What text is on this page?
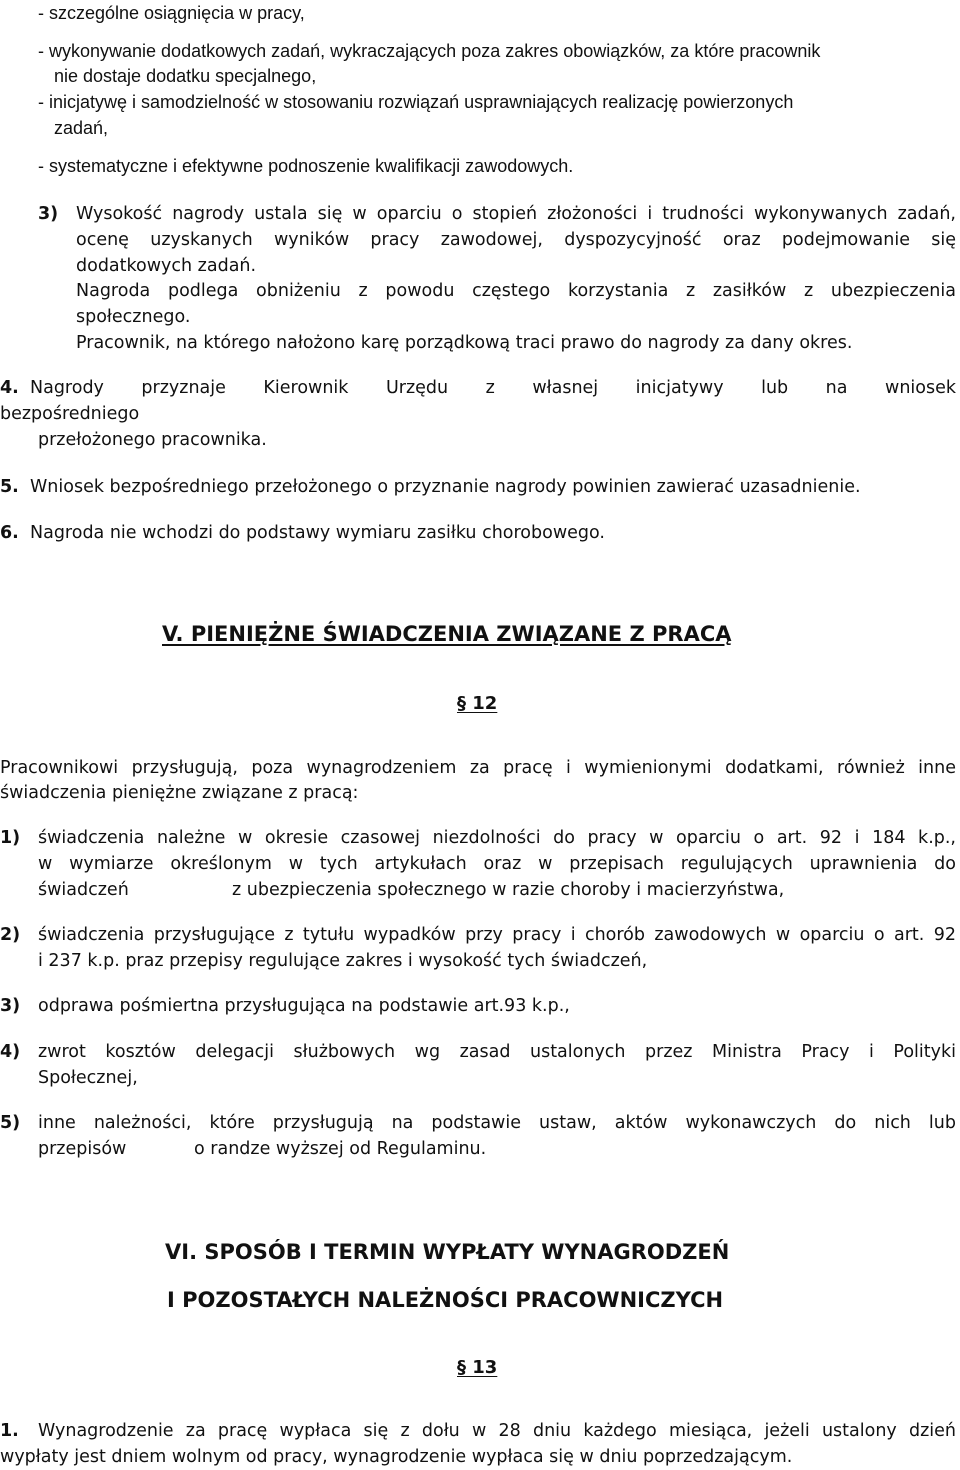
- szczególne osiągnięcia w pracy,
- wykonywanie dodatkowych zadań, wykraczających poza zakres obowiązków, za które pracownik
nie dostaje dodatku specjalnego,
- inicjatywę i samodzielność w stosowaniu rozwiązań usprawniających realizację powierzonych
zadań,
- systematyczne i efektywne podnoszenie kwalifikacji zawodowych.
3) Wysokość nagrody ustala się w oparciu o stopień złożoności i trudności wykonywanych zadań,
ocenę uzyskanych wyników pracy zawodowej, dyspozycyjność oraz podejmowanie się
dodatkowych zadań.
Nagroda podlega obniżeniu z powodu częstego korzystania z zasiłków z ubezpieczenia
społecznego.
Pracownik, na którego nałożono karę porządkową traci prawo do nagrody za dany okres.
4. Nagrody przyznaje Kierownik Urzędu z własnej inicjatywy lub na wniosek
bezpośredniego
przełożonego pracownika.
5. Wniosek bezpośredniego przełożonego o przyznanie nagrody powinien zawierać uzasadnienie.
6. Nagroda nie wchodzi do podstawy wymiaru zasiłku chorobowego.
V. PIENIĘŻNE ŚWIADCZENIA ZWIĄZANE Z PRACĄ
§ 12
Pracownikowi przysługują, poza wynagrodzeniem za pracę i wymienionymi dodatkami, również inne
świadczenia pieniężne związane z pracą:
1) świadczenia należne w okresie czasowej niezdolności do pracy w oparciu o art. 92 i 184 k.p.,
w wymiarze określonym w tych artykułach oraz w przepisach regulujących uprawnienia do
świadczeń	z ubezpieczenia społecznego w razie choroby i macierzyństwa,
2) świadczenia przysługujące z tytułu wypadków przy pracy i chorób zawodowych w oparciu o art. 92
i 237 k.p. praz przepisy regulujące zakres i wysokość tych świadczeń,
3) odprawa pośmiertna przysługująca na podstawie art.93 k.p.,
4) zwrot kosztów delegacji służbowych wg zasad ustalonych przez Ministra Pracy i Polityki
Społecznej,
5) inne należności, które przysługują na podstawie ustaw, aktów wykonawczych do nich lub
przepisów	o randze wyższej od Regulaminu.
VI. SPOSÓB I TERMIN WYPŁATY WYNAGRODZEŃ
I POZOSTAŁYCH NALEŻNOŚCI PRACOWNICZYCH
§ 13
1. Wynagrodzenie za pracę wypłaca się z dołu w 28 dniu każdego miesiąca, jeżeli ustalony dzień
wypłaty jest dniem wolnym od pracy, wynagrodzenie wypłaca się w dniu poprzedzającym.
